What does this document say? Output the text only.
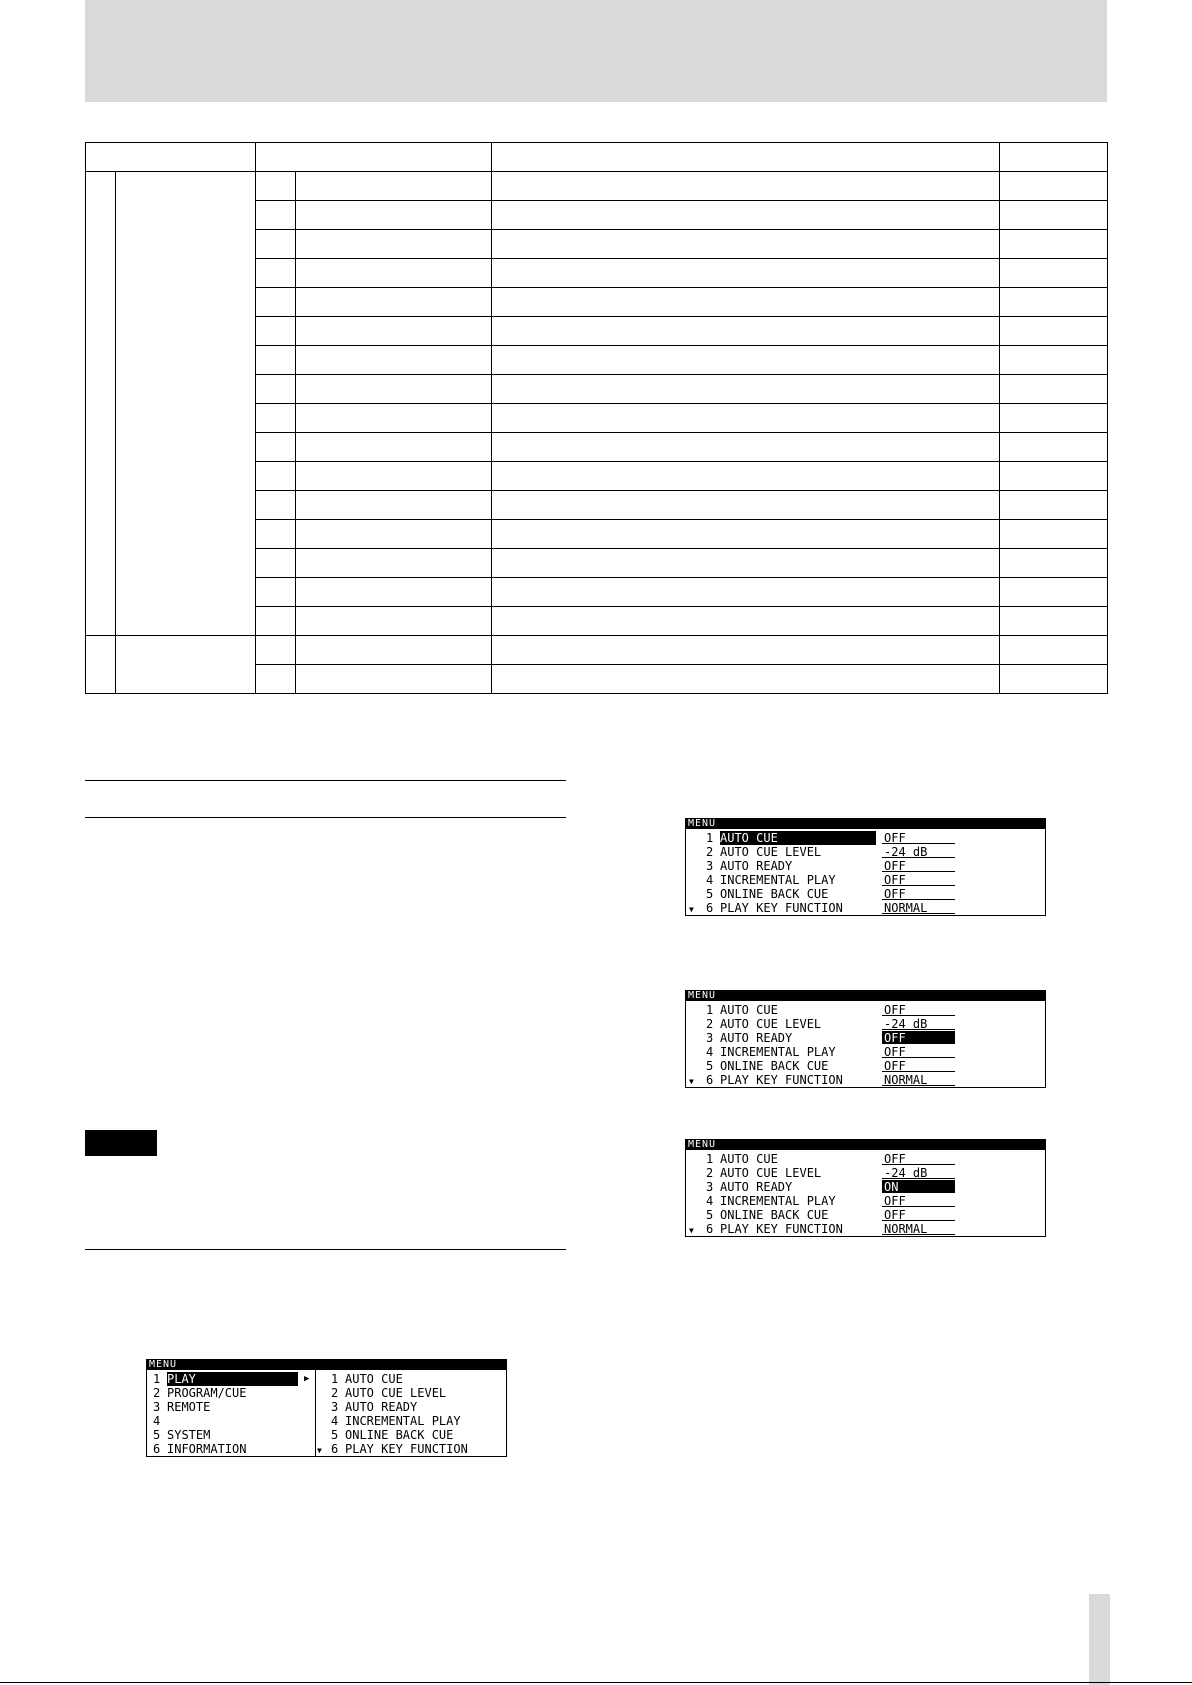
MENU
1 PLAY
2 PROGRAM/CUE
3 REMOTE
4
5 SYSTEM
6 INFORMATION
▶
▼
1 AUTO CUE
2 AUTO CUE LEVEL
3 AUTO READY
4 INCREMENTAL PLAY
5 ONLINE BACK CUE
6 PLAY KEY FUNCTION
MENU
1 AUTO CUE	OFF
2 AUTO CUE LEVEL	-24 dB
3 AUTO READY	OFF
4 INCREMENTAL PLAY	OFF
5 ONLINE BACK CUE	OFF
6 PLAY KEY FUNCTION	NORMAL
▼
MENU
1 AUTO CUE	OFF
2 AUTO CUE LEVEL	-24 dB
3 AUTO READY	OFF
4 INCREMENTAL PLAY	OFF
5 ONLINE BACK CUE	OFF
6 PLAY KEY FUNCTION	NORMAL
▼
MENU
1 AUTO CUE	OFF
2 AUTO CUE LEVEL	-24 dB
3 AUTO READY	ON
4 INCREMENTAL PLAY	OFF
5 ONLINE BACK CUE	OFF
6 PLAY KEY FUNCTION	NORMAL
▼
